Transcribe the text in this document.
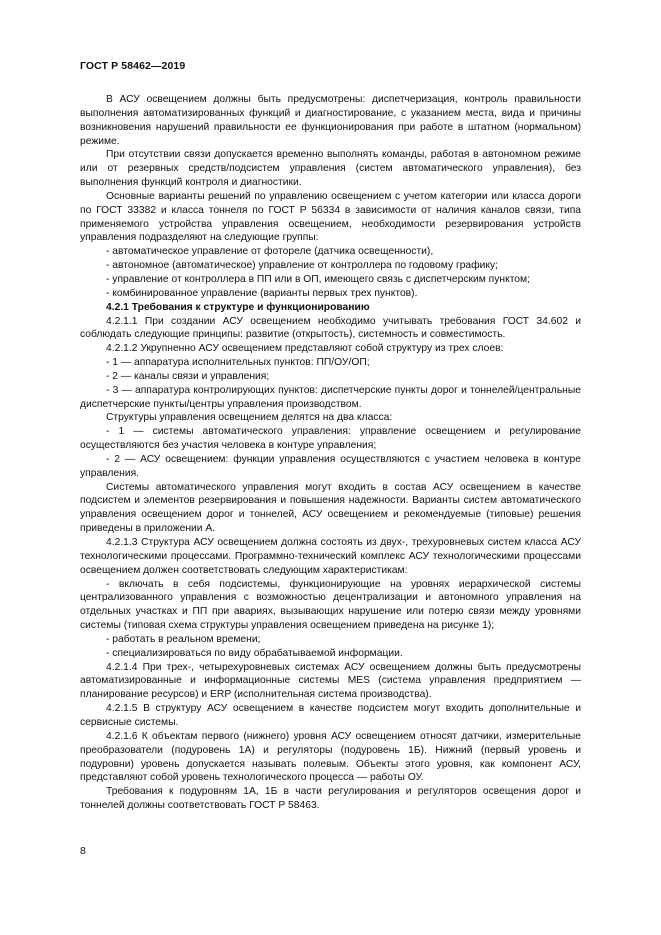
ГОСТ Р 58462—2019

В АСУ освещением должны быть предусмотрены: диспетчеризация, контроль правильности выполнения автоматизированных функций и диагностирование, с указанием места, вида и причины возникновения нарушений правильности ее функционирования при работе в штатном (нормальном) режиме.

При отсутствии связи допускается временно выполнять команды, работая в автономном режиме или от резервных средств/подсистем управления (систем автоматического управления), без выполнения функций контроля и диагностики.

Основные варианты решений по управлению освещением с учетом категории или класса дороги по ГОСТ 33382 и класса тоннеля по ГОСТ Р 56334 в зависимости от наличия каналов связи, типа применяемого устройства управления освещением, необходимости резервирования устройств управления подразделяют на следующие группы:

- автоматическое управление от фотореле (датчика освещенности),

- автономное (автоматическое) управление от контроллера по годовому графику;

- управление от контроллера в ПП или в ОП, имеющего связь с диспетчерским пунктом;

- комбинированное управление (варианты первых трех пунктов).

4.2.1 Требования к структуре и функционированию

4.2.1.1 При создании АСУ освещением необходимо учитывать требования ГОСТ 34.602 и соблюдать следующие принципы: развитие (открытость), системность и совместимость.

4.2.1.2 Укрупненно АСУ освещением представляют собой структуру из трех слоев:

- 1 — аппаратура исполнительных пунктов: ПП/ОУ/ОП;

- 2 — каналы связи и управления;

- 3 — аппаратура контролирующих пунктов: диспетчерские пункты дорог и тоннелей/центральные диспетчерские пункты/центры управления производством.

Структуры управления освещением делятся на два класса:

- 1 — системы автоматического управления: управление освещением и регулирование осуществляются без участия человека в контуре управления;

- 2 — АСУ освещением: функции управления осуществляются с участием человека в контуре управления.

Системы автоматического управления могут входить в состав АСУ освещением в качестве подсистем и элементов резервирования и повышения надежности. Варианты систем автоматического управления освещением дорог и тоннелей, АСУ освещением и рекомендуемые (типовые) решения приведены в приложении А.

4.2.1.3 Структура АСУ освещением должна состоять из двух-, трехуровневых систем класса АСУ технологическими процессами. Программно-технический комплекс АСУ технологическими процессами освещением должен соответствовать следующим характеристикам:

- включать в себя подсистемы, функционирующие на уровнях иерархической системы централизованного управления с возможностью децентрализации и автономного управления на отдельных участках и ПП при авариях, вызывающих нарушение или потерю связи между уровнями системы (типовая схема структуры управления освещением приведена на рисунке 1);

- работать в реальном времени;

- специализироваться по виду обрабатываемой информации.

4.2.1.4 При трех-, четырехуровневых системах АСУ освещением должны быть предусмотрены автоматизированные и информационные системы MES (система управления предприятием — планирование ресурсов) и ERP (исполнительная система производства).

4.2.1.5 В структуру АСУ освещением в качестве подсистем могут входить дополнительные и сервисные системы.

4.2.1.6 К объектам первого (нижнего) уровня АСУ освещением относят датчики, измерительные преобразователи (подуровень 1А) и регуляторы (подуровень 1Б). Нижний (первый уровень и подуровни) уровень допускается называть полевым. Объекты этого уровня, как компонент АСУ, представляют собой уровень технологического процесса — работы ОУ.

Требования к подуровням 1А, 1Б в части регулирования и регуляторов освещения дорог и тоннелей должны соответствовать ГОСТ Р 58463.

8
